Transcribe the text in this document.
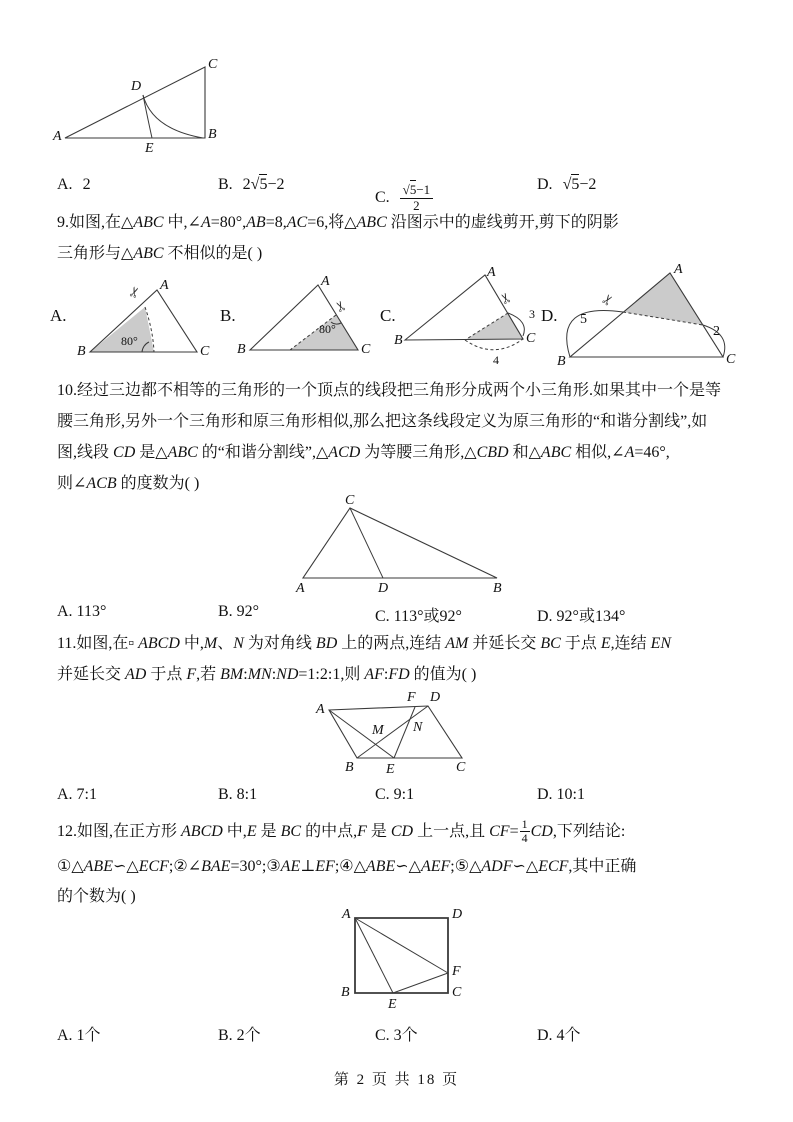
A	B
C
D
E
A. 2	B. 2√5−2
C. $\frac{√5-1}{2}$	D. √5−2
9.如图,在△ABC 中,∠A=80°,AB=8,AC=6,将△ABC 沿图示中的虚线剪开,剪下的阴影
三角形与△ABC 不相似的是( )
A.	B.	C.	D.
A
B	C
80°
✂
A
B	C
80°
✂
A
B	C
3
4
✂
A
B	C
5
2
✂
10.经过三边都不相等的三角形的一个顶点的线段把三角形分成两个小三角形.如果其中一个是等
腰三角形,另外一个三角形和原三角形相似,那么把这条线段定义为原三角形的“和谐分割线”,如
图,线段 CD 是△ABC 的“和谐分割线”,△ACD 为等腰三角形,△CBD 和△ABC 相似,∠A=46°,
则∠ACB 的度数为( )
C
A	D	B
A. 113°	B. 92°	C. 113°或92°	D. 92°或134°
11.如图,在▫ ABCD 中,M、N 为对角线 BD 上的两点,连结 AM 并延长交 BC 于点 E,连结 EN
并延长交 AD 于点 F,若 BM:MN:ND=1:2:1,则 AF:FD 的值为( )
A
F D
M N
B E	C
A. 7:1	B. 8:1	C. 9:1	D. 10:1
12.如图,在正方形 ABCD 中,E 是 BC 的中点,F 是 CD 上一点,且 $CF= \frac{1}{4}$ CD,下列结论:
①△ABE∽△ECF;②∠BAE=30°;③AE⊥EF;④△ABE∽△AEF;⑤△ADF∽△ECF,其中正确
的个数为( )
A	D
B	C
E
F
A. 1个	B. 2个	C. 3个	D. 4个
第 2 页 共 18 页
